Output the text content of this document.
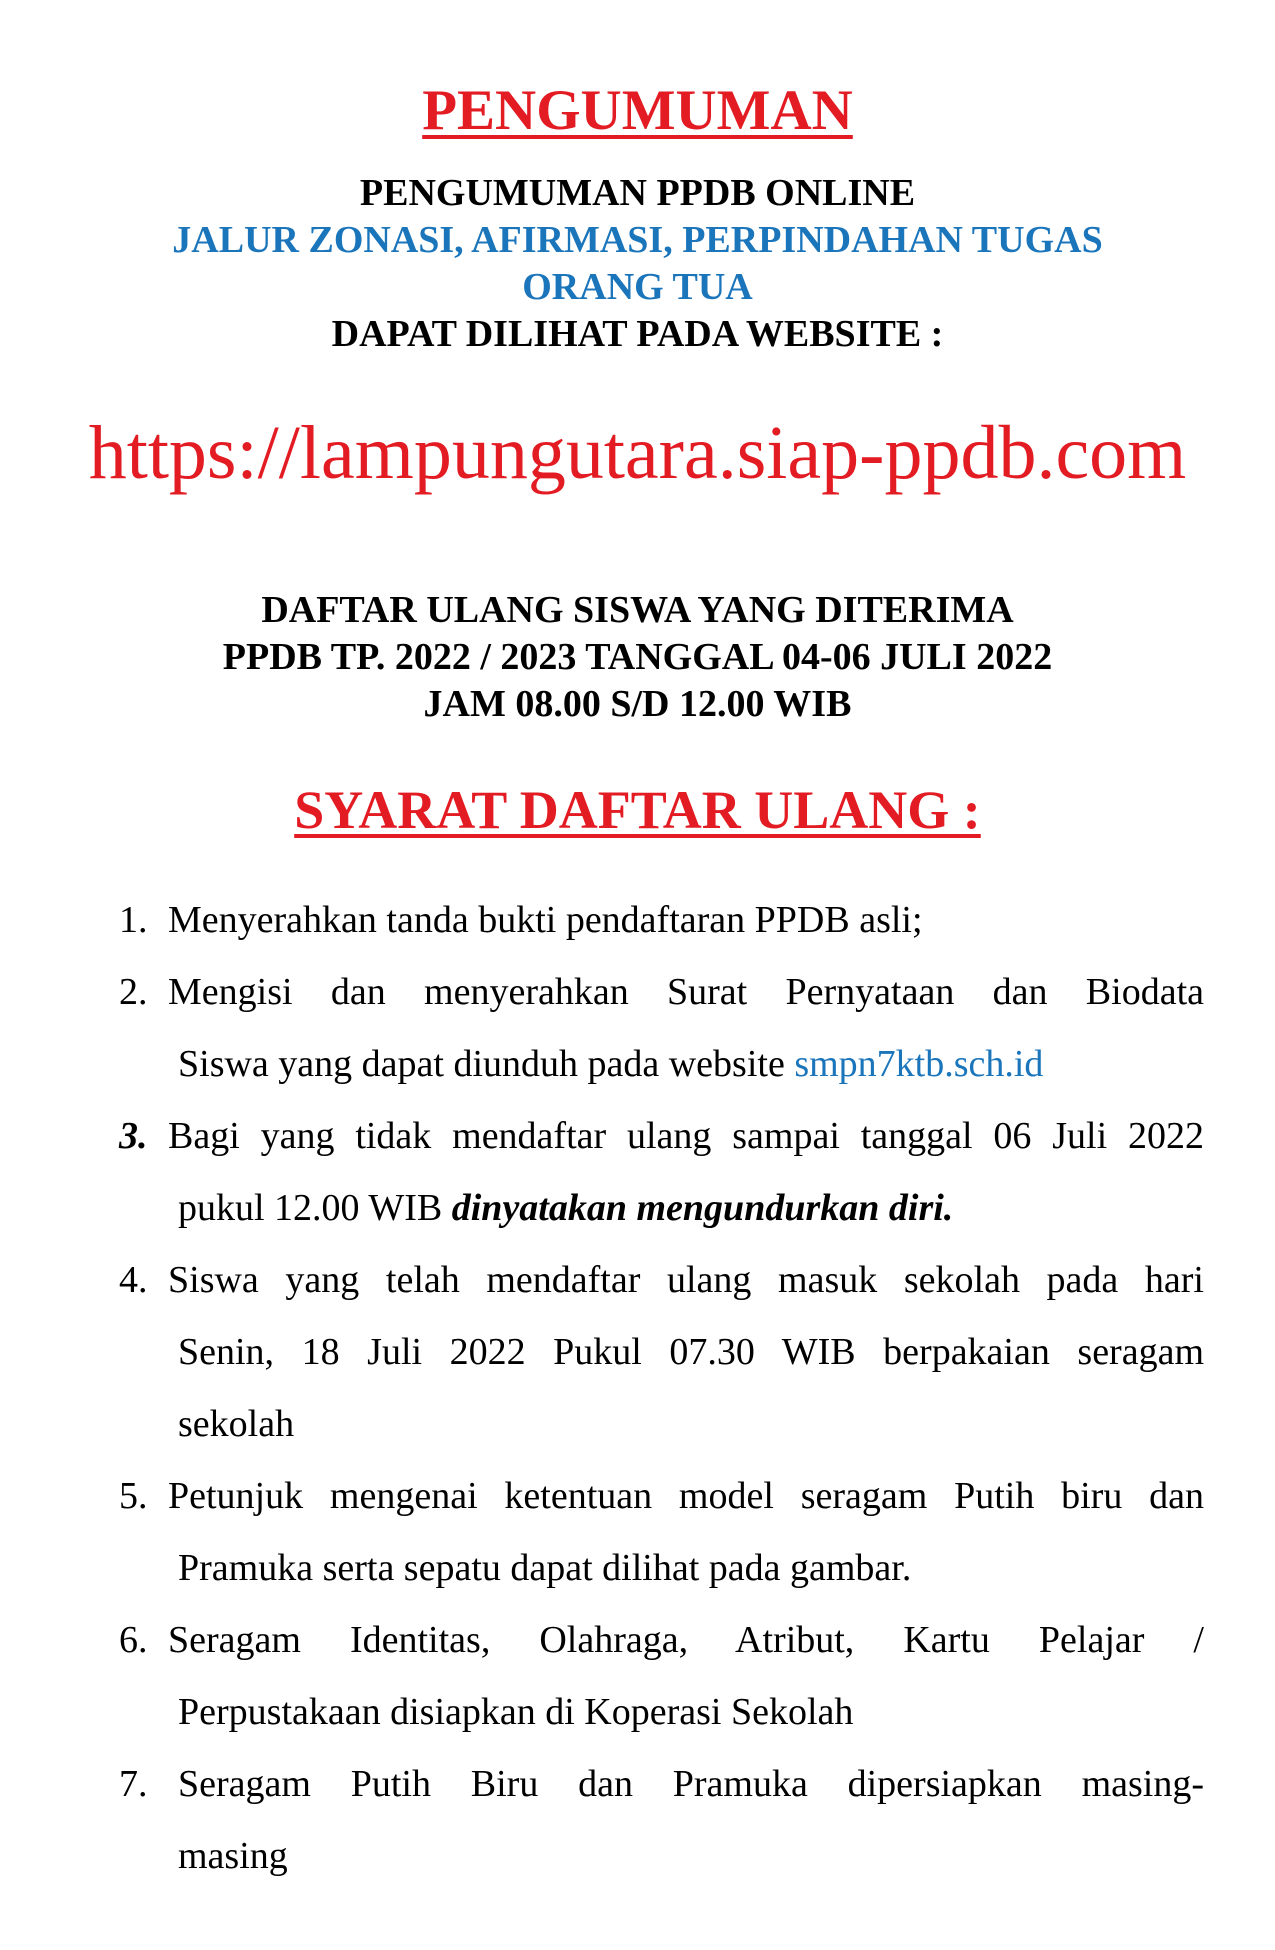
PENGUMUMAN
PENGUMUMAN PPDB ONLINE
JALUR ZONASI, AFIRMASI, PERPINDAHAN TUGAS
ORANG TUA
DAPAT DILIHAT PADA WEBSITE :
https://lampungutara.siap-ppdb.com
DAFTAR ULANG SISWA YANG DITERIMA
PPDB TP. 2022 / 2023 TANGGAL 04-06 JULI 2022
JAM 08.00 S/D 12.00 WIB
SYARAT DAFTAR ULANG :
1. Menyerahkan tanda bukti pendaftaran PPDB asli;
2. Mengisi dan menyerahkan Surat Pernyataan dan Biodata
Siswa yang dapat diunduh pada website smpn7ktb.sch.id
3. Bagi yang tidak mendaftar ulang sampai tanggal 06 Juli 2022
pukul 12.00 WIB dinyatakan mengundurkan diri.
4. Siswa yang telah mendaftar ulang masuk sekolah pada hari
Senin, 18 Juli 2022 Pukul 07.30 WIB berpakaian seragam
sekolah
5. Petunjuk mengenai ketentuan model seragam Putih biru dan
Pramuka serta sepatu dapat dilihat pada gambar.
6. Seragam Identitas, Olahraga, Atribut, Kartu Pelajar /
Perpustakaan disiapkan di Koperasi Sekolah
7. Seragam Putih Biru dan Pramuka dipersiapkan masing-
masing
